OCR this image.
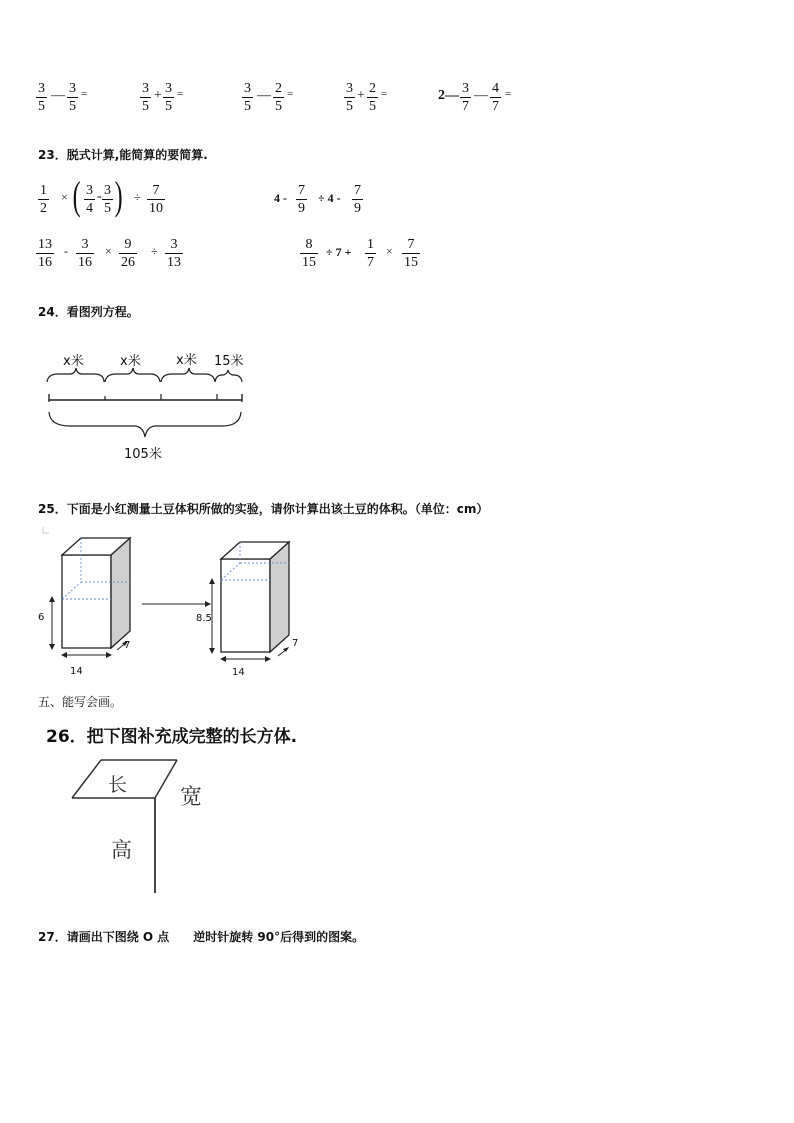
3
5
— 3
5
=	3
5
+ 3
5
=	3
5
— 2
5
=	3
5
+ 2
5
=	2— 3
7
— 4
7
=
23．脱式计算,能简算的要简算.
1
2
× ( 3
4
- 3
5 ) ÷ 7
10
4 - 7
9
÷ 4 - 7
9
13
16
- 3
16
× 9
26
÷ 3
13
8
15
÷ 7 + 1
7
× 7
15
24．看图列方程。
x米	x米	x米 15米
105米
25．下面是小红测量土豆体积所做的实验，请你计算出该土豆的体积。（单位：cm）
6
14
7
8.5
14
7
五、能写会画。
26．把下图补充成完整的长方体.
长 宽
高
27．请画出下图绕 O 点　　逆时针旋转 90°后得到的图案。
